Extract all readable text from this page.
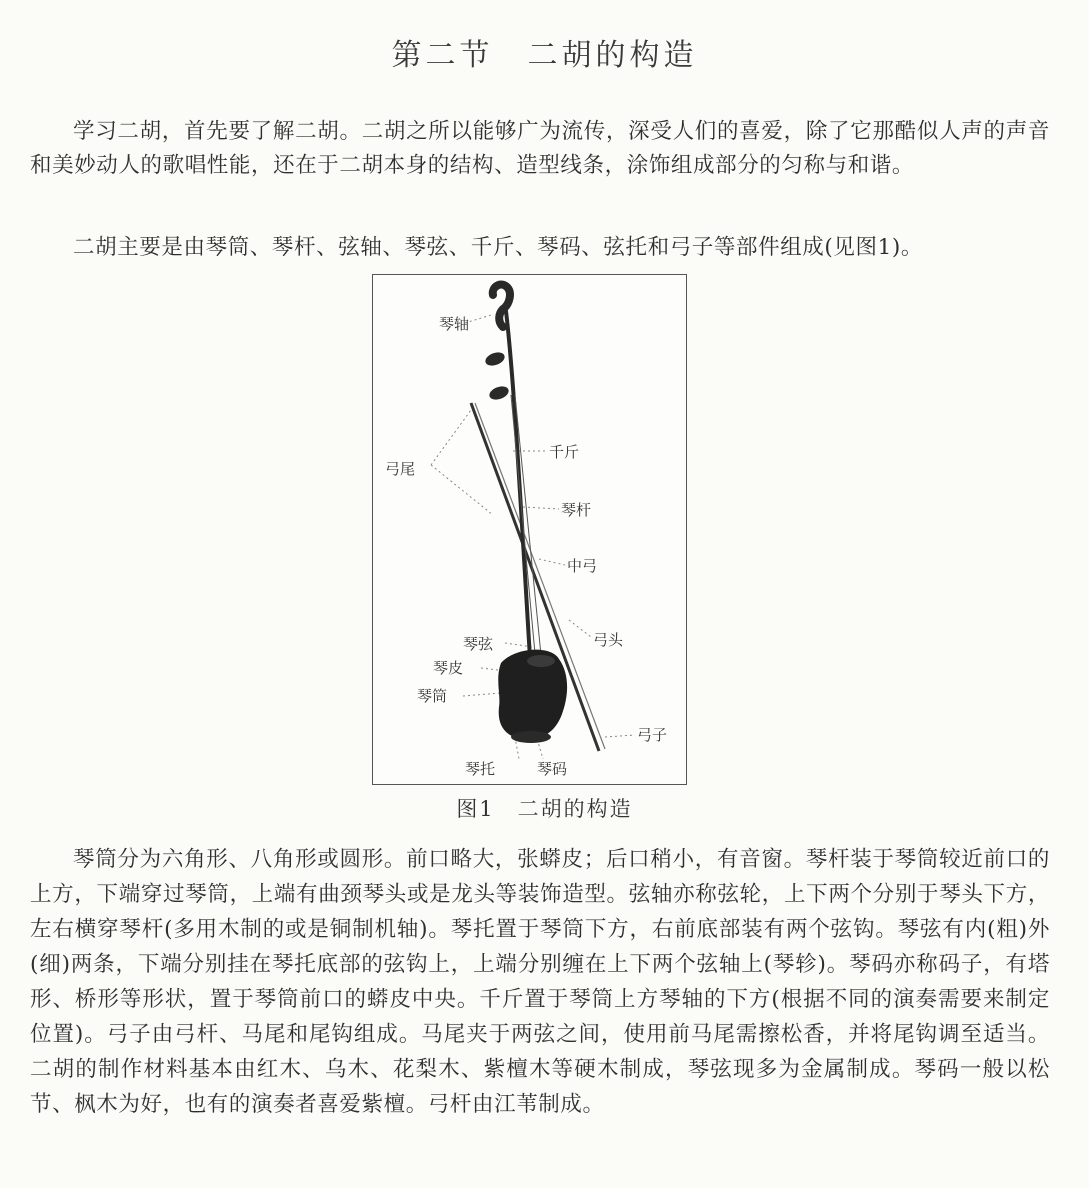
第二节　二胡的构造

学习二胡，首先要了解二胡。二胡之所以能够广为流传，深受人们的喜爱，除了它那酷似人声的声音和美妙动人的歌唱性能，还在于二胡本身的结构、造型线条，涂饰组成部分的匀称与和谐。

二胡主要是由琴筒、琴杆、弦轴、琴弦、千斤、琴码、弦托和弓子等部件组成(见图1)。

琴轴
弓尾
千斤
琴杆
中弓
弓头
琴弦
琴皮
琴筒
弓子
琴托	琴码
图1　二胡的构造

琴筒分为六角形、八角形或圆形。前口略大，张蟒皮；后口稍小，有音窗。琴杆装于琴筒较近前口的上方，下端穿过琴筒，上端有曲颈琴头或是龙头等装饰造型。弦轴亦称弦轮，上下两个分别于琴头下方，左右横穿琴杆(多用木制的或是铜制机轴)。琴托置于琴筒下方，右前底部装有两个弦钩。琴弦有内(粗)外(细)两条，下端分别挂在琴托底部的弦钩上，上端分别缠在上下两个弦轴上(琴轸)。琴码亦称码子，有塔形、桥形等形状，置于琴筒前口的蟒皮中央。千斤置于琴筒上方琴轴的下方(根据不同的演奏需要来制定位置)。弓子由弓杆、马尾和尾钩组成。马尾夹于两弦之间，使用前马尾需擦松香，并将尾钩调至适当。二胡的制作材料基本由红木、乌木、花梨木、紫檀木等硬木制成，琴弦现多为金属制成。琴码一般以松节、枫木为好，也有的演奏者喜爱紫檀。弓杆由江苇制成。
